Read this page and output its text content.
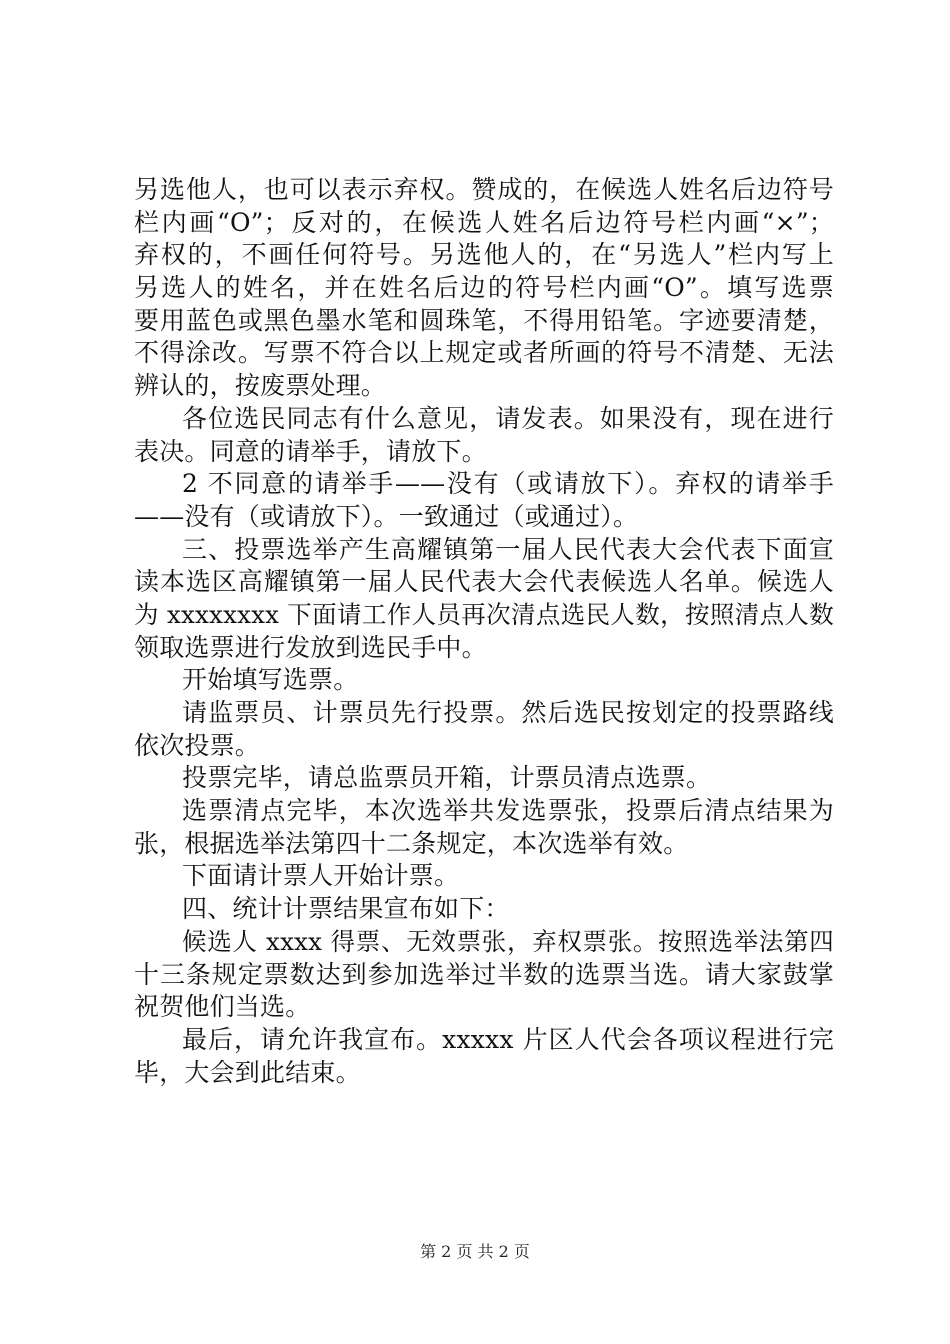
另选他人，也可以表示弃权。赞成的，在候选人姓名后边符号
栏内画“O”；反对的，在候选人姓名后边符号栏内画“×”；
弃权的，不画任何符号。另选他人的，在“另选人”栏内写上
另选人的姓名，并在姓名后边的符号栏内画“O”。填写选票
要用蓝色或黑色墨水笔和圆珠笔，不得用铅笔。字迹要清楚，
不得涂改。写票不符合以上规定或者所画的符号不清楚、无法
辨认的，按废票处理。
各位选民同志有什么意见，请发表。如果没有，现在进行
表决。同意的请举手，请放下。
2 不同意的请举手——没有（或请放下）。弃权的请举手
——没有（或请放下）。一致通过（或通过）。
三、投票选举产生高耀镇第一届人民代表大会代表下面宣
读本选区高耀镇第一届人民代表大会代表候选人名单。候选人
为 xxxxxxxx 下面请工作人员再次清点选民人数，按照清点人数
领取选票进行发放到选民手中。
开始填写选票。
请监票员、计票员先行投票。然后选民按划定的投票路线
依次投票。
投票完毕，请总监票员开箱，计票员清点选票。
选票清点完毕，本次选举共发选票张，投票后清点结果为
张，根据选举法第四十二条规定，本次选举有效。
下面请计票人开始计票。
四、统计计票结果宣布如下：
候选人 xxxx 得票、无效票张，弃权票张。按照选举法第四
十三条规定票数达到参加选举过半数的选票当选。请大家鼓掌
祝贺他们当选。
最后，请允许我宣布。xxxxx 片区人代会各项议程进行完
毕，大会到此结束。
第 2 页 共 2 页
